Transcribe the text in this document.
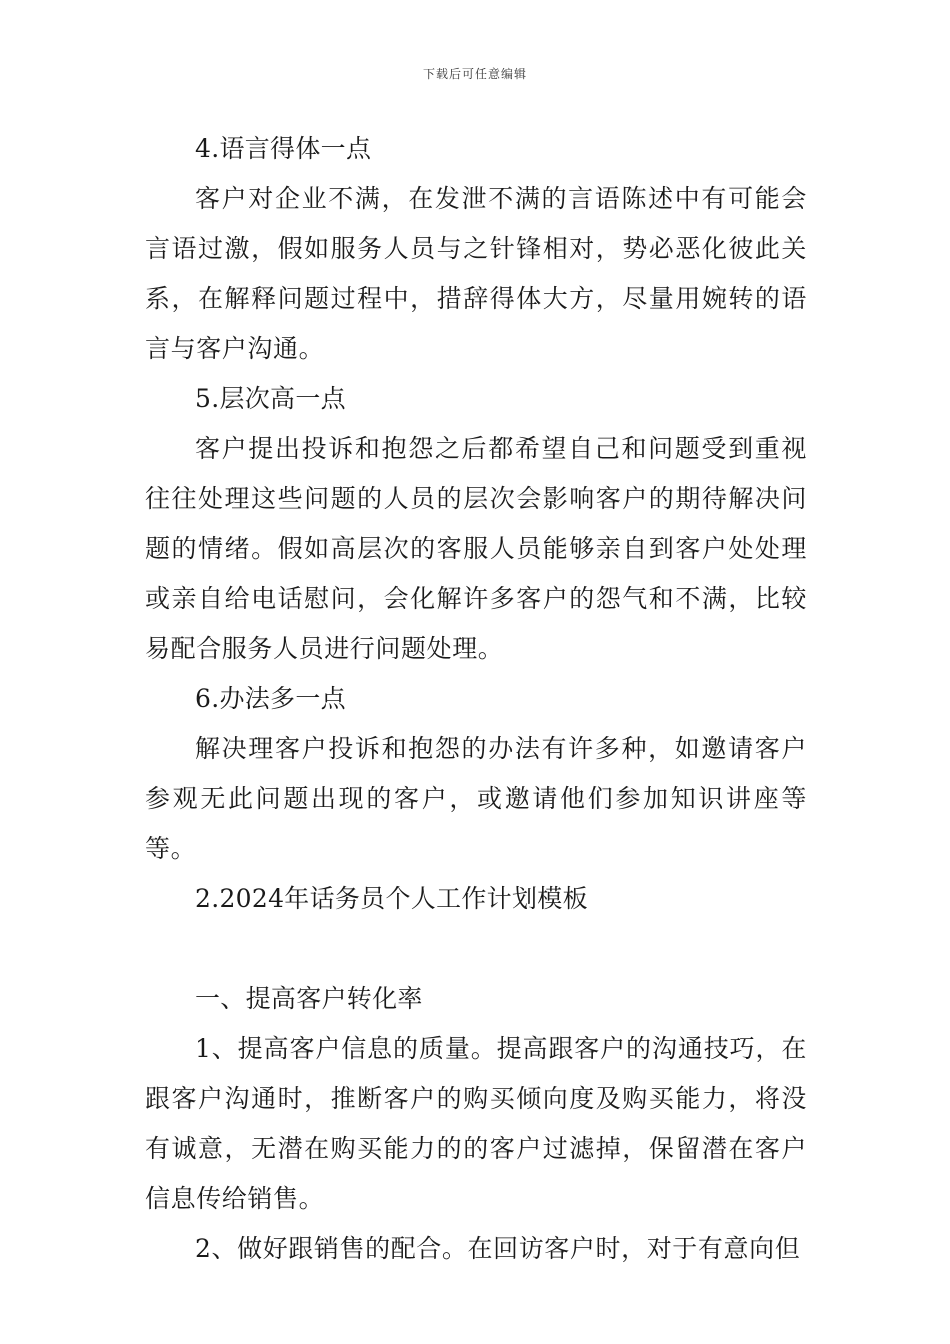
下载后可任意编辑

4.语言得体一点

客户对企业不满，在发泄不满的言语陈述中有可能会言语过激，假如服务人员与之针锋相对，势必恶化彼此关系，在解释问题过程中，措辞得体大方，尽量用婉转的语言与客户沟通。

5.层次高一点

客户提出投诉和抱怨之后都希望自己和问题受到重视往往处理这些问题的人员的层次会影响客户的期待解决问题的情绪。假如高层次的客服人员能够亲自到客户处处理或亲自给电话慰问，会化解许多客户的怨气和不满，比较易配合服务人员进行问题处理。

6.办法多一点

解决理客户投诉和抱怨的办法有许多种，如邀请客户参观无此问题出现的客户，或邀请他们参加知识讲座等等。

2.2024年话务员个人工作计划模板

一、提高客户转化率

1、提高客户信息的质量。提高跟客户的沟通技巧，在跟客户沟通时，推断客户的购买倾向度及购买能力，将没有诚意，无潜在购买能力的的客户过滤掉，保留潜在客户信息传给销售。

2、做好跟销售的配合。在回访客户时，对于有意向但
